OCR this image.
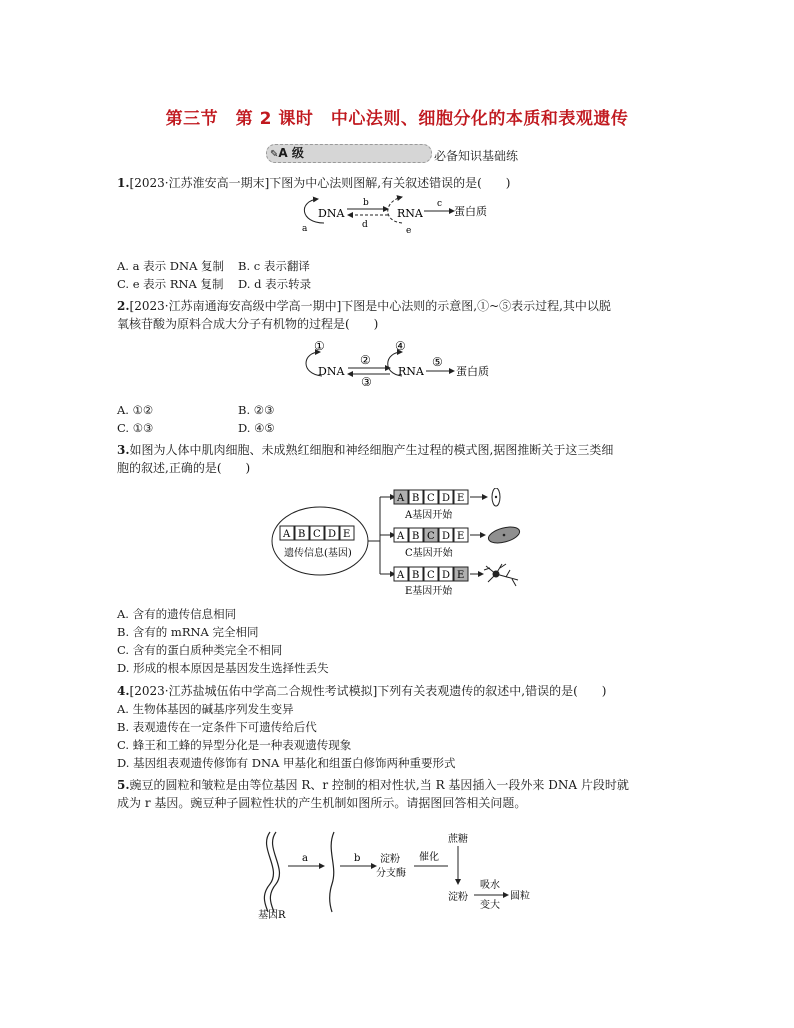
第三节　第 2 课时　中心法则、细胞分化的本质和表观遗传
✎A 级	必备知识基础练
1.[2023·江苏淮安高一期末]下图为中心法则图解,有关叙述错误的是(　　)
DNA
a
b
d
RNA
e
c
蛋白质
A. a 表示 DNA 复制 B. c 表示翻译
C. e 表示 RNA 复制 D. d 表示转录
2.[2023·江苏南通海安高级中学高一期中]下图是中心法则的示意图,①~⑤表示过程,其中以脱
氧核苷酸为原料合成大分子有机物的过程是(　　)
①
DNA
②
③
④
RNA
⑤
蛋白质
A. ①②	B. ②③
C. ①③	D. ④⑤
3.如图为人体中肌肉细胞、未成熟红细胞和神经细胞产生过程的模式图,据图推断关于这三类细
胞的叙述,正确的是(　　)
A B C D E
遗传信息(基因)
A B C D E
A基因开始
A B C D E
C基因开始
A B C D E
E基因开始
A. 含有的遗传信息相同
B. 含有的 mRNA 完全相同
C. 含有的蛋白质种类完全不相同
D. 形成的根本原因是基因发生选择性丢失
4.[2023·江苏盐城伍佑中学高二合规性考试模拟]下列有关表观遗传的叙述中,错误的是(　　)
A. 生物体基因的碱基序列发生变异
B. 表观遗传在一定条件下可遗传给后代
C. 蜂王和工蜂的异型分化是一种表观遗传现象
D. 基因组表观遗传修饰有 DNA 甲基化和组蛋白修饰两种重要形式
5.豌豆的圆粒和皱粒是由等位基因 R、r 控制的相对性状,当 R 基因插入一段外来 DNA 片段时就
成为 r 基因。豌豆种子圆粒性状的产生机制如图所示。请据图回答相关问题。
基因R
a	b 淀粉
分支酶
催化
蔗糖
淀粉
吸水
变大
圆粒
